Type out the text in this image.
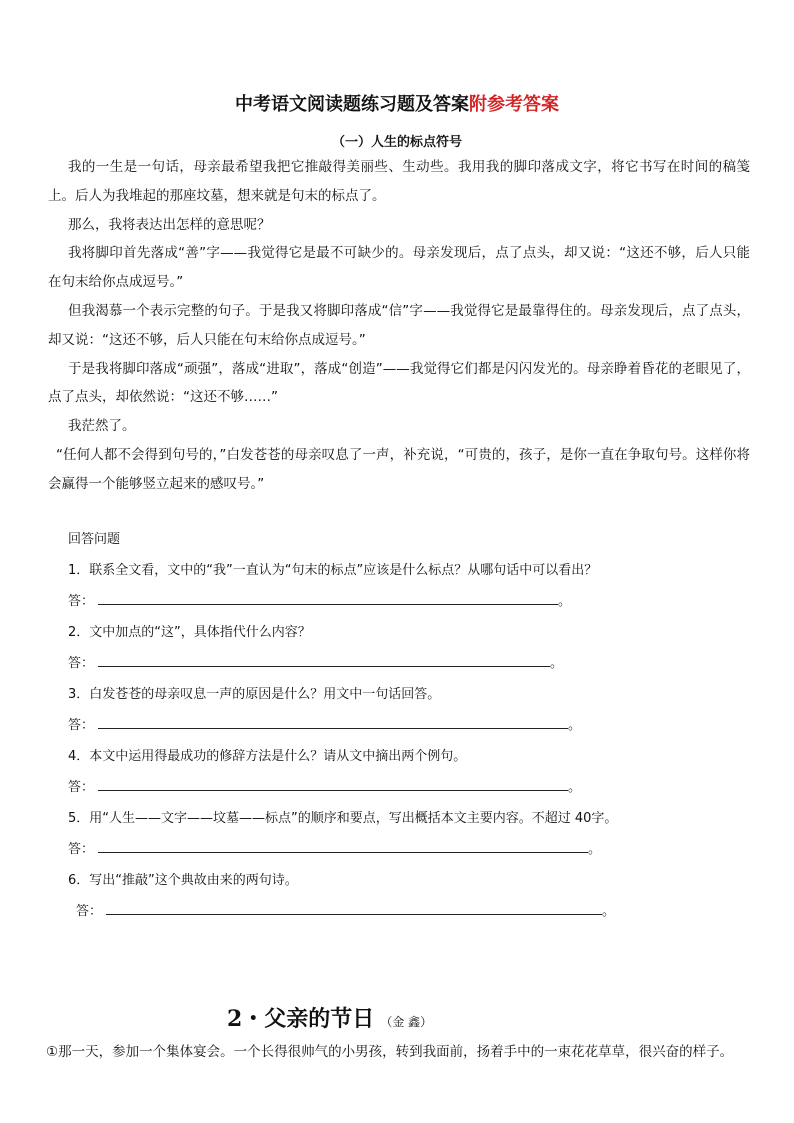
中考语文阅读题练习题及答案附参考答案
（一）人生的标点符号

我的一生是一句话，母亲最希望我把它推敲得美丽些、生动些。我用我的脚印落成文字，将它书写在时间的稿笺上。后人为我堆起的那座坟墓，想来就是句末的标点了。

那么，我将表达出怎样的意思呢？

我将脚印首先落成“善”字——我觉得它是最不可缺少的。母亲发现后，点了点头，却又说：“这还不够，后人只能在句末给你点成逗号。”

但我渴慕一个表示完整的句子。于是我又将脚印落成“信”字——我觉得它是最靠得住的。母亲发现后，点了点头，却又说：“这还不够，后人只能在句末给你点成逗号。”

于是我将脚印落成“顽强”，落成“进取”，落成“创造”——我觉得它们都是闪闪发光的。母亲睁着昏花的老眼见了，点了点头，却依然说：“这还不够……”

我茫然了。

“任何人都不会得到句号的，”白发苍苍的母亲叹息了一声，补充说，“可贵的，孩子，是你一直在争取句号。这样你将会赢得一个能够竖立起来的感叹号。”

回答问题
1．联系全文看，文中的“我”一直认为“句末的标点”应该是什么标点？从哪句话中可以看出？
答：	。
2．文中加点的“这”，具体指代什么内容？
答：	。
3．白发苍苍的母亲叹息一声的原因是什么？用文中一句话回答。
答：	。
4．本文中运用得最成功的修辞方法是什么？请从文中摘出两个例句。
答：	。
5．用“人生——文字——坟墓——标点”的顺序和要点，写出概括本文主要内容。不超过 40字。
答：	。
6．写出“推敲”这个典故由来的两句诗。
答：	。
2・父亲的节日 （金 鑫）
①那一天，参加一个集体宴会。一个长得很帅气的小男孩，转到我面前，扬着手中的一束花花草草，很兴奋的样子。
